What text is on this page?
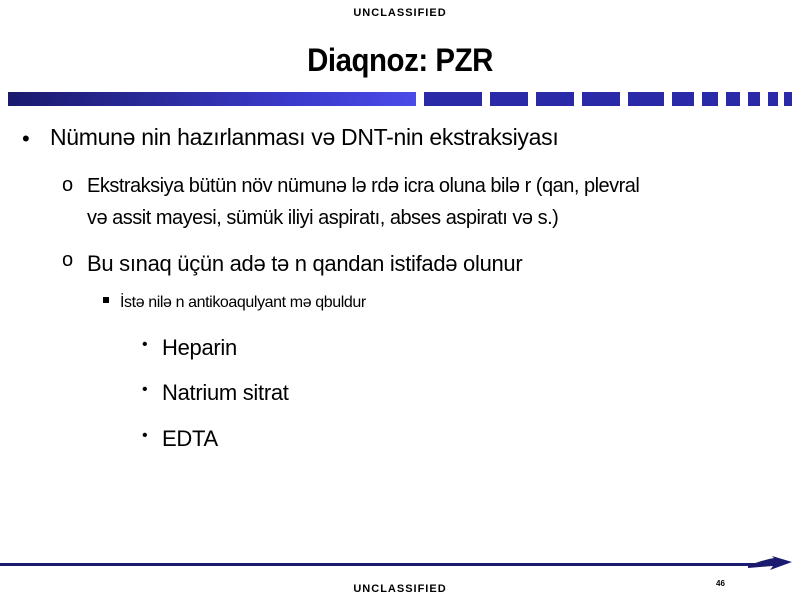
UNCLASSIFIED
Diaqnoz: PZR
• Nümunə nin hazırlanması və DNT-nin ekstraksiyası
o Ekstraksiya bütün növ nümunə lə rdə icra oluna bilə r (qan, plevral
və assit mayesi, sümük iliyi aspiratı, abses aspiratı və s.)
o Bu sınaq üçün adə tə n qandan istifadə olunur
İstə nilə n antikoaqulyant mə qbuldur
• Heparin
• Natrium sitrat
• EDTA
46
UNCLASSIFIED
